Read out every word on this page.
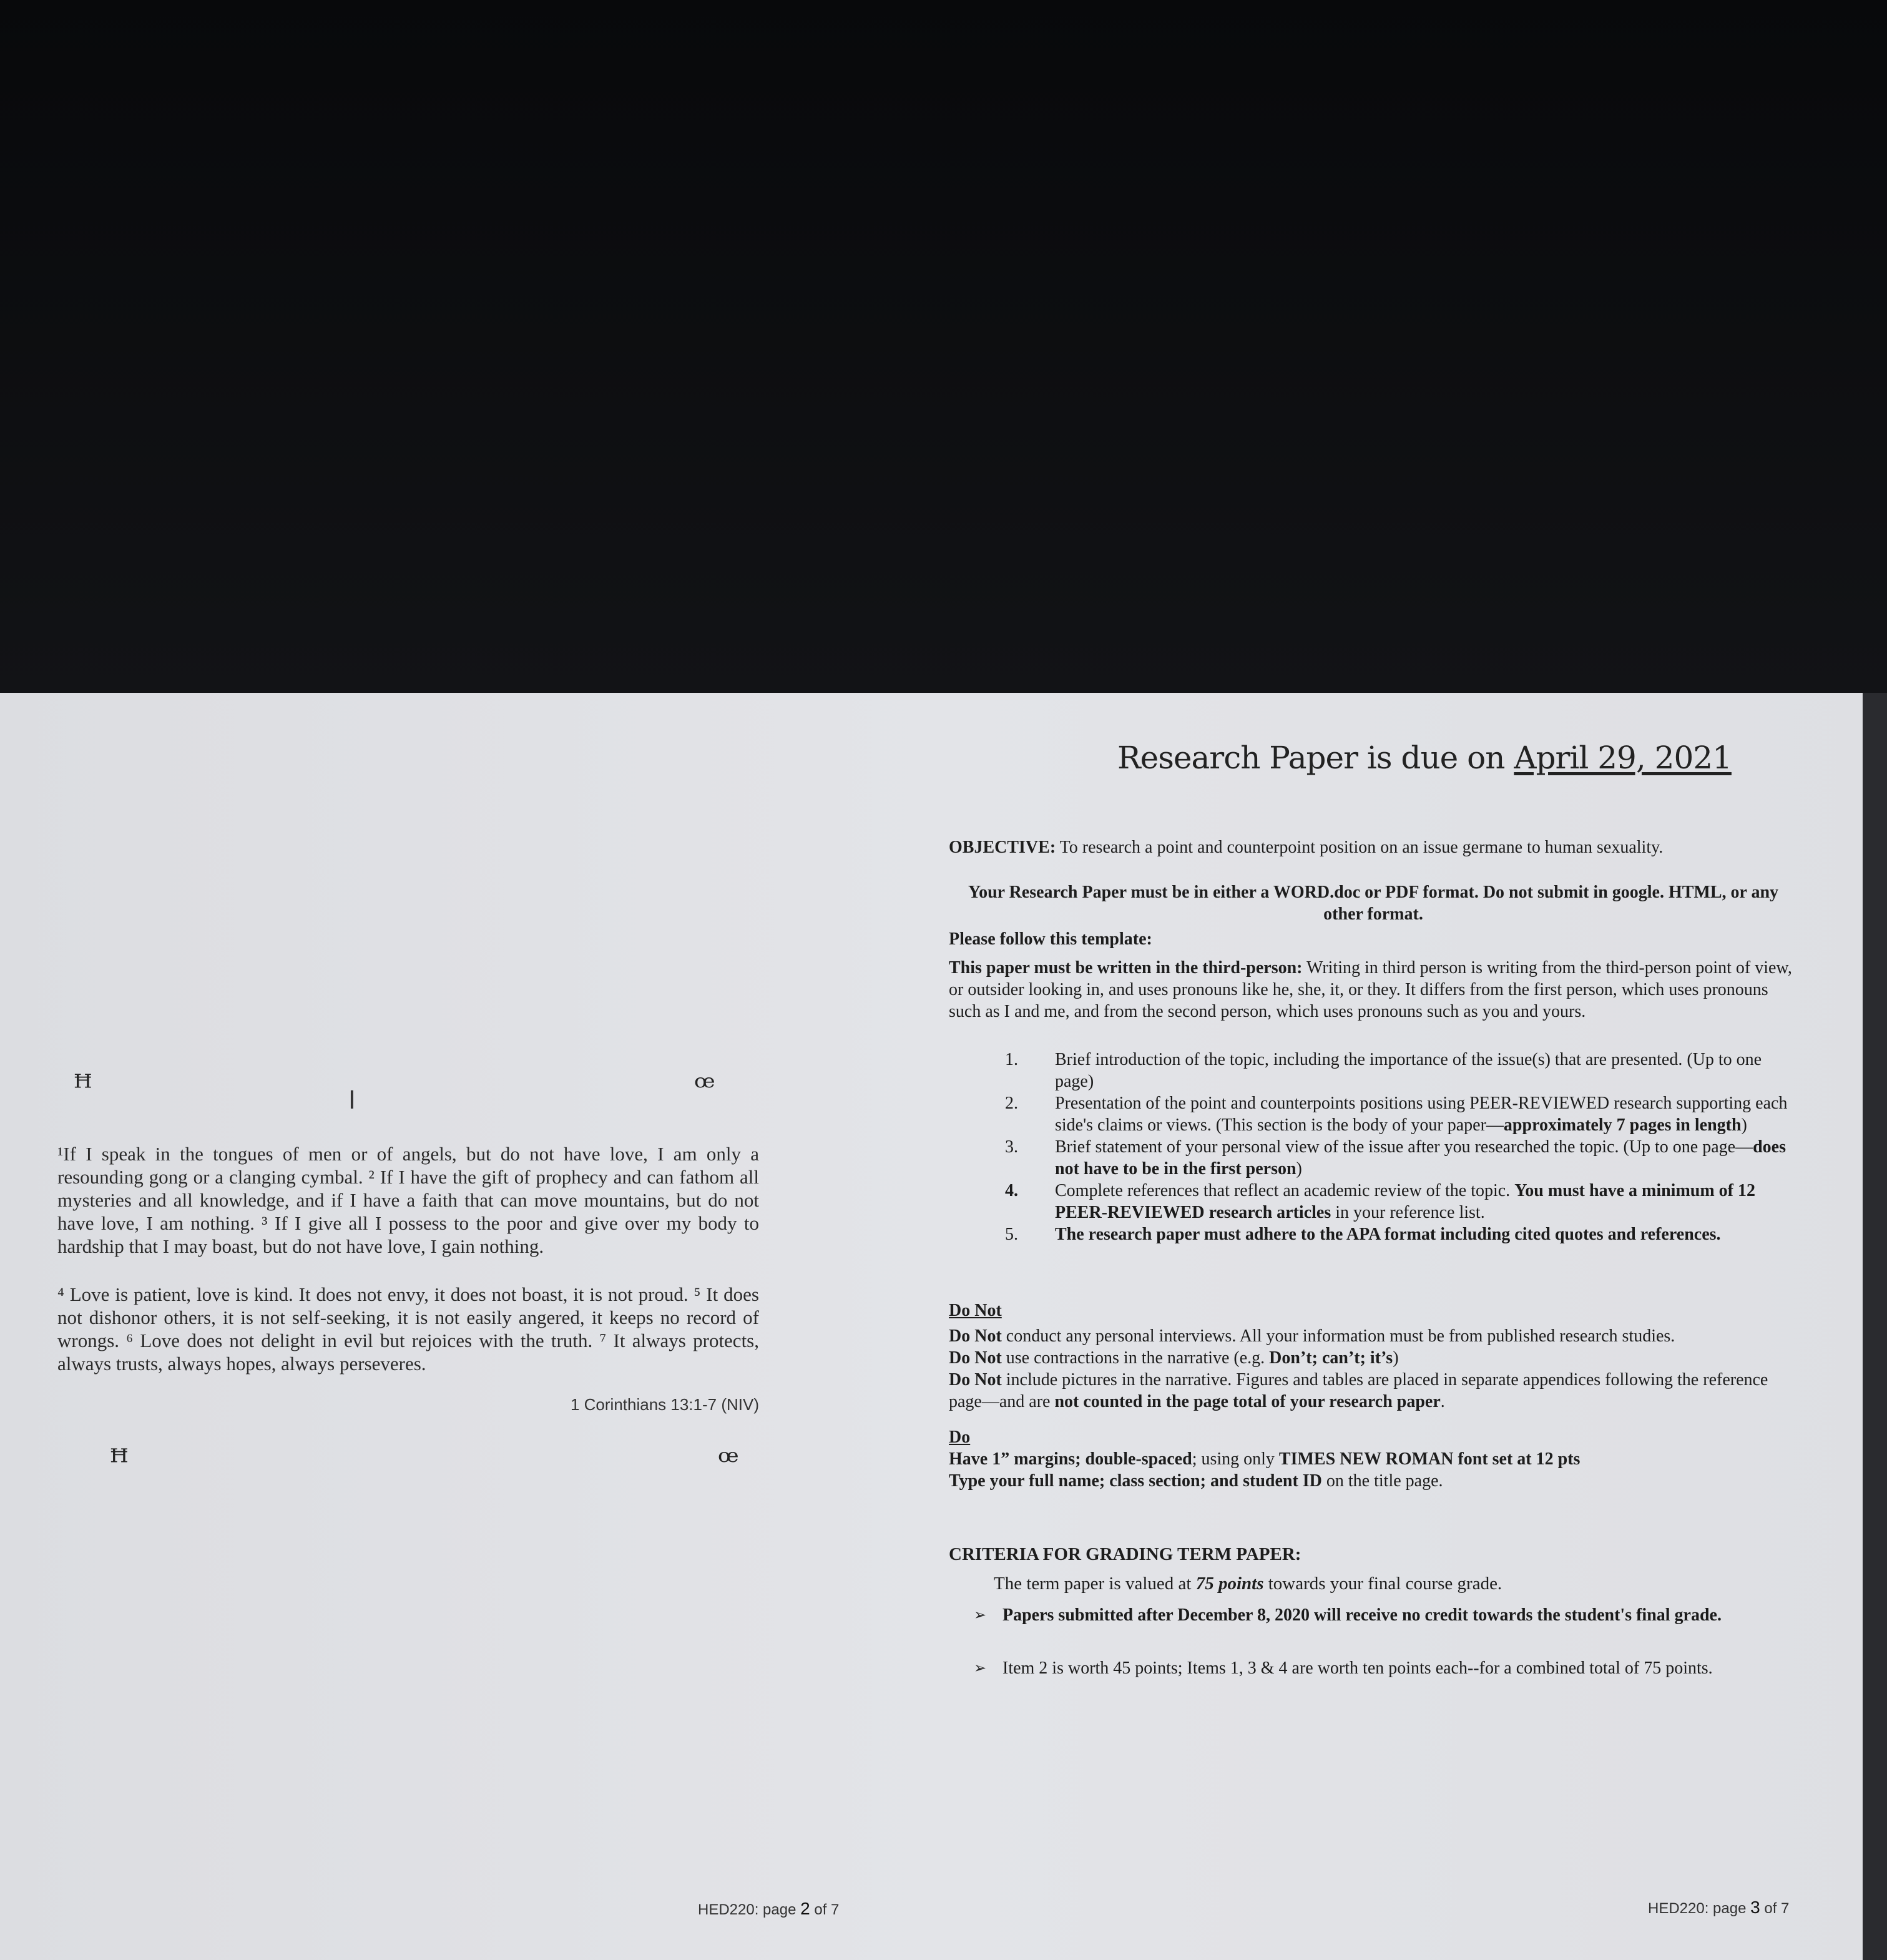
ꟸ	ꟹ
I
¹If I speak in the tongues of men or of angels, but do not have love, I am only a resounding gong or a clanging cymbal. ² If I have the gift of prophecy and can fathom all mysteries and all knowledge, and if I have a faith that can move mountains, but do not have love, I am nothing. ³ If I give all I possess to the poor and give over my body to hardship that I may boast, but do not have love, I gain nothing.
⁴ Love is patient, love is kind. It does not envy, it does not boast, it is not proud. ⁵ It does not dishonor others, it is not self-seeking, it is not easily angered, it keeps no record of wrongs. ⁶ Love does not delight in evil but rejoices with the truth. ⁷ It always protects, always trusts, always hopes, always perseveres.
1 Corinthians 13:1-7 (NIV)
ꟸ	ꟹ
HED220: page 2 of 7
Research Paper is due on April 29, 2021
OBJECTIVE: To research a point and counterpoint position on an issue germane to human sexuality.
Your Research Paper must be in either a WORD.doc or PDF format. Do not submit in google. HTML, or any other format.
Please follow this template:
This paper must be written in the third-person: Writing in third person is writing from the third-person point of view, or outsider looking in, and uses pronouns like he, she, it, or they. It differs from the first person, which uses pronouns such as I and me, and from the second person, which uses pronouns such as you and yours.
1. Brief introduction of the topic, including the importance of the issue(s) that are presented. (Up to one page)
2. Presentation of the point and counterpoints positions using PEER-REVIEWED research supporting each side's claims or views. (This section is the body of your paper—approximately 7 pages in length)
3. Brief statement of your personal view of the issue after you researched the topic. (Up to one page—does not have to be in the first person)
4. Complete references that reflect an academic review of the topic. You must have a minimum of 12 PEER-REVIEWED research articles in your reference list.
5. The research paper must adhere to the APA format including cited quotes and references.
Do Not
Do Not conduct any personal interviews. All your information must be from published research studies.
Do Not use contractions in the narrative (e.g. Don’t; can’t; it’s)
Do Not include pictures in the narrative. Figures and tables are placed in separate appendices following the reference page—and are not counted in the page total of your research paper.
Do
Have 1” margins; double-spaced; using only TIMES NEW ROMAN font set at 12 pts
Type your full name; class section; and student ID on the title page.
CRITERIA FOR GRADING TERM PAPER:
The term paper is valued at 75 points towards your final course grade.
➢ Papers submitted after December 8, 2020 will receive no credit towards the student's final grade.
➢ Item 2 is worth 45 points; Items 1, 3 & 4 are worth ten points each--for a combined total of 75 points.
HED220: page 3 of 7
